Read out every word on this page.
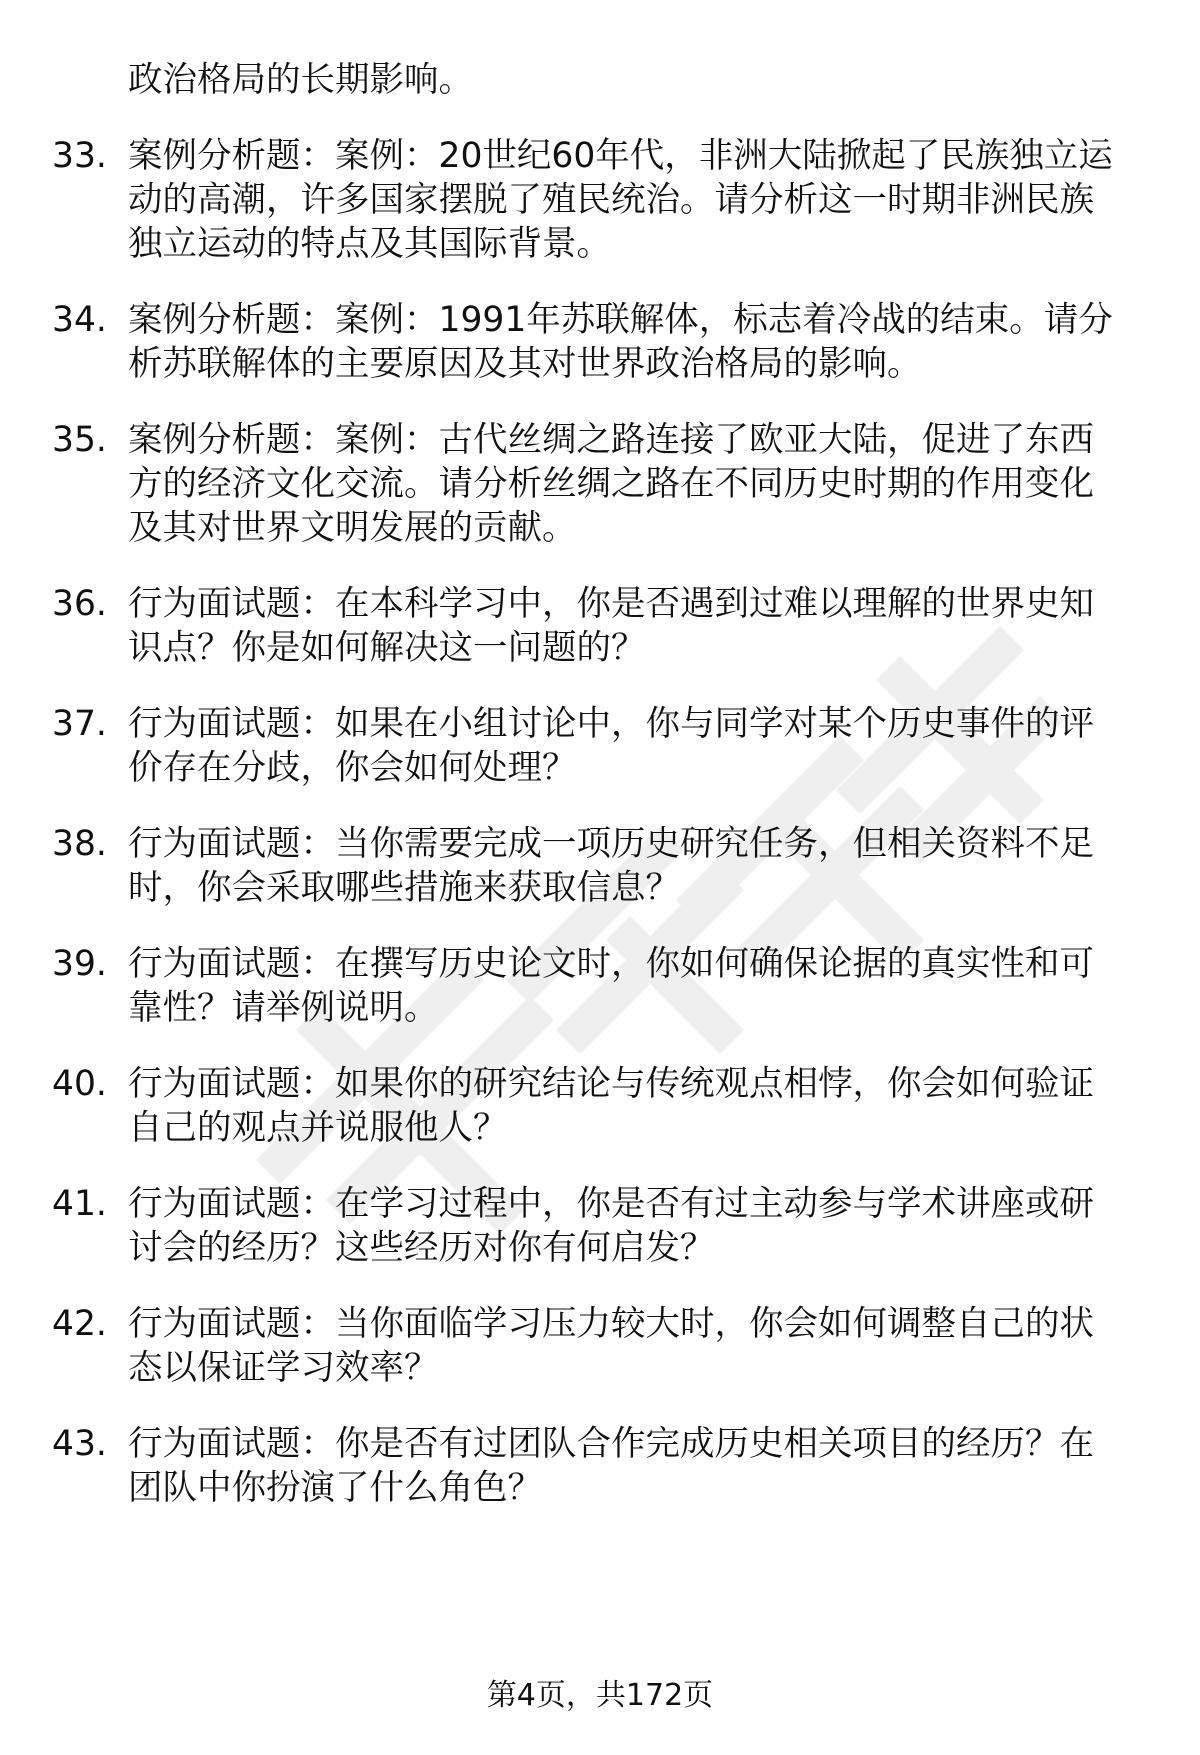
政治格局的长期影响。
33. 案例分析题：案例：20世纪60年代，非洲大陆掀起了民族独立运
动的高潮，许多国家摆脱了殖民统治。请分析这一时期非洲民族
独立运动的特点及其国际背景。
34. 案例分析题：案例：1991年苏联解体，标志着冷战的结束。请分
析苏联解体的主要原因及其对世界政治格局的影响。
35. 案例分析题：案例：古代丝绸之路连接了欧亚大陆，促进了东西
方的经济文化交流。请分析丝绸之路在不同历史时期的作用变化
及其对世界文明发展的贡献。
36. 行为面试题：在本科学习中，你是否遇到过难以理解的世界史知
识点？你是如何解决这一问题的？
37. 行为面试题：如果在小组讨论中，你与同学对某个历史事件的评
价存在分歧，你会如何处理？
38. 行为面试题：当你需要完成一项历史研究任务，但相关资料不足
时，你会采取哪些措施来获取信息？
39. 行为面试题：在撰写历史论文时，你如何确保论据的真实性和可
靠性？请举例说明。
40. 行为面试题：如果你的研究结论与传统观点相悖，你会如何验证
自己的观点并说服他人？
41. 行为面试题：在学习过程中，你是否有过主动参与学术讲座或研
讨会的经历？这些经历对你有何启发？
42. 行为面试题：当你面临学习压力较大时，你会如何调整自己的状
态以保证学习效率？
43. 行为面试题：你是否有过团队合作完成历史相关项目的经历？在
团队中你扮演了什么角色？
第4页，共172页
